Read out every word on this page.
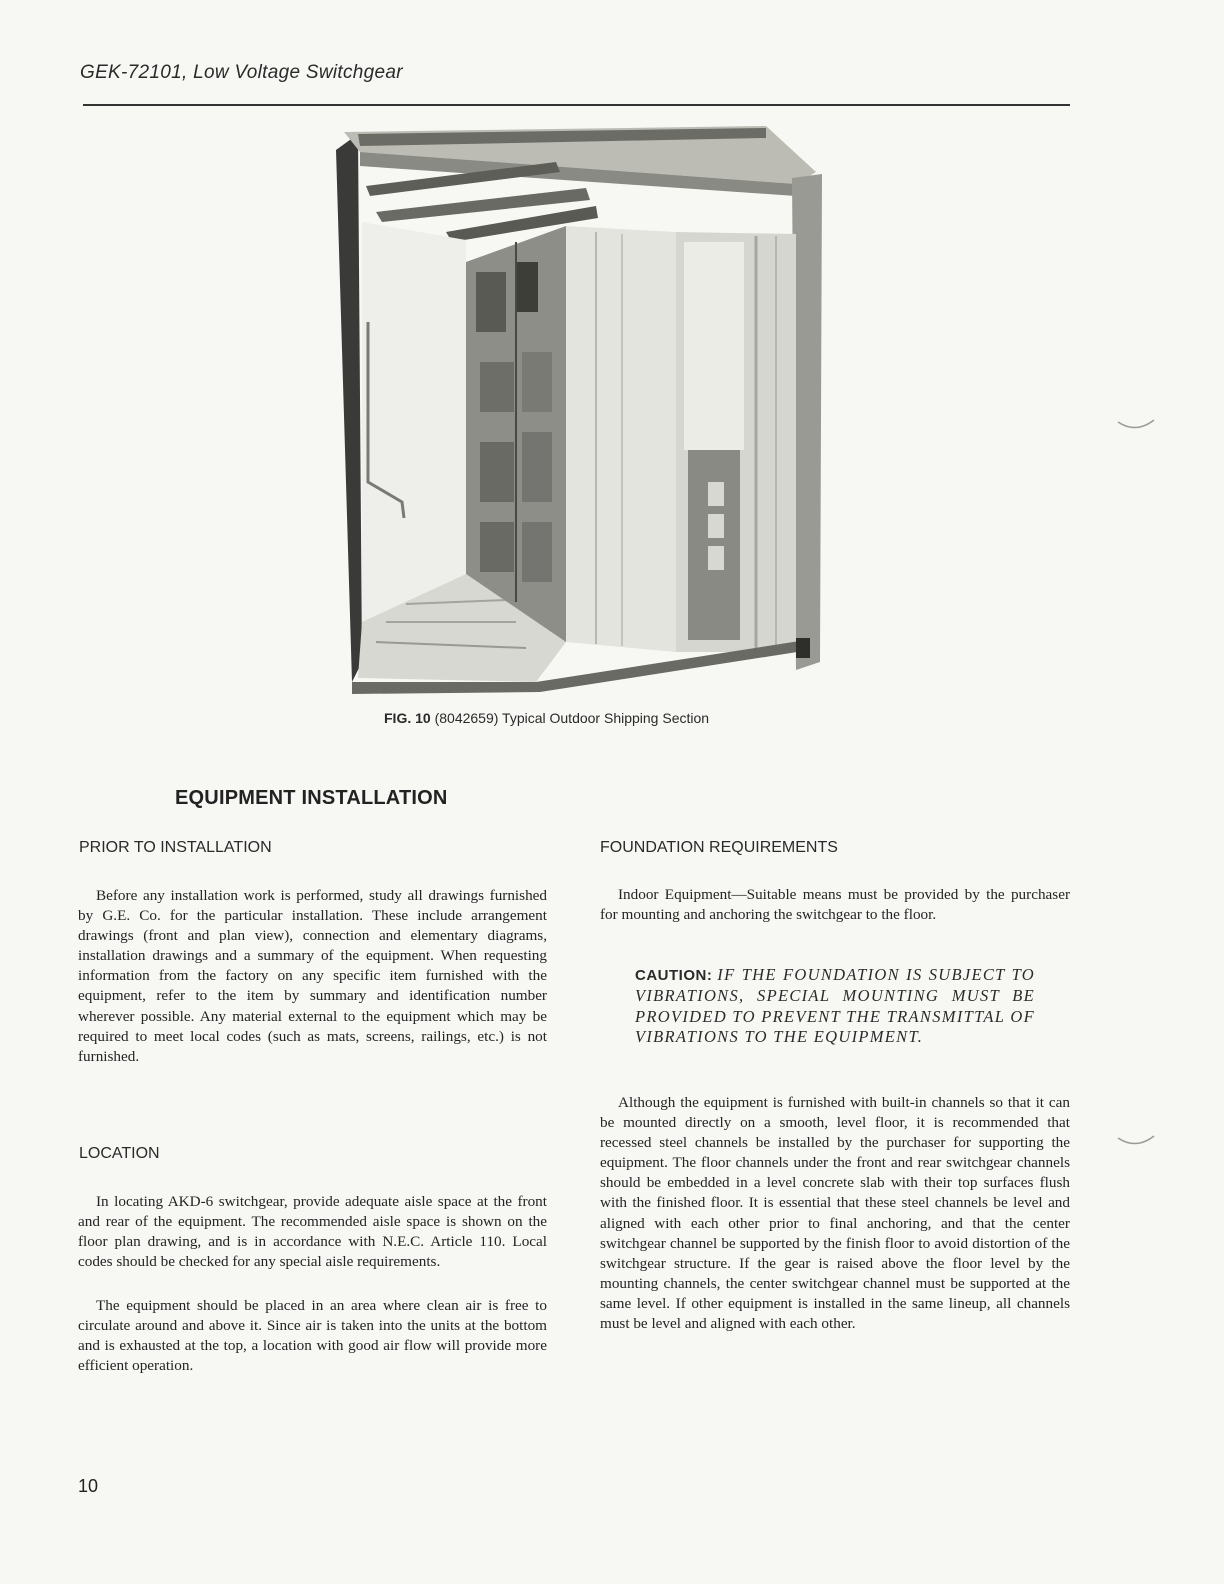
GEK-72101, Low Voltage Switchgear
FIG. 10 (8042659) Typical Outdoor Shipping Section
EQUIPMENT INSTALLATION
PRIOR TO INSTALLATION

Before any installation work is performed, study all drawings furnished by G.E. Co. for the particular installation. These include arrangement drawings (front and plan view), connection and elementary diagrams, installation drawings and a summary of the equipment. When requesting information from the factory on any specific item furnished with the equipment, refer to the item by summary and identification number wherever possible. Any material external to the equipment which may be required to meet local codes (such as mats, screens, railings, etc.) is not furnished.

LOCATION

In locating AKD-6 switchgear, provide adequate aisle space at the front and rear of the equipment. The recommended aisle space is shown on the floor plan drawing, and is in accordance with N.E.C. Article 110. Local codes should be checked for any special aisle requirements.

The equipment should be placed in an area where clean air is free to circulate around and above it. Since air is taken into the units at the bottom and is exhausted at the top, a location with good air flow will provide more efficient operation.

FOUNDATION REQUIREMENTS

Indoor Equipment—Suitable means must be provided by the purchaser for mounting and anchoring the switchgear to the floor.

CAUTION: IF THE FOUNDATION IS SUBJECT TO VIBRATIONS, SPECIAL MOUNTING MUST BE PROVIDED TO PREVENT THE TRANSMITTAL OF VIBRATIONS TO THE EQUIPMENT.

Although the equipment is furnished with built-in channels so that it can be mounted directly on a smooth, level floor, it is recommended that recessed steel channels be installed by the purchaser for supporting the equipment. The floor channels under the front and rear switchgear channels should be embedded in a level concrete slab with their top surfaces flush with the finished floor. It is essential that these steel channels be level and aligned with each other prior to final anchoring, and that the center switchgear channel be supported by the finish floor to avoid distortion of the switchgear structure. If the gear is raised above the floor level by the mounting channels, the center switchgear channel must be supported at the same level. If other equipment is installed in the same lineup, all channels must be level and aligned with each other.

10
